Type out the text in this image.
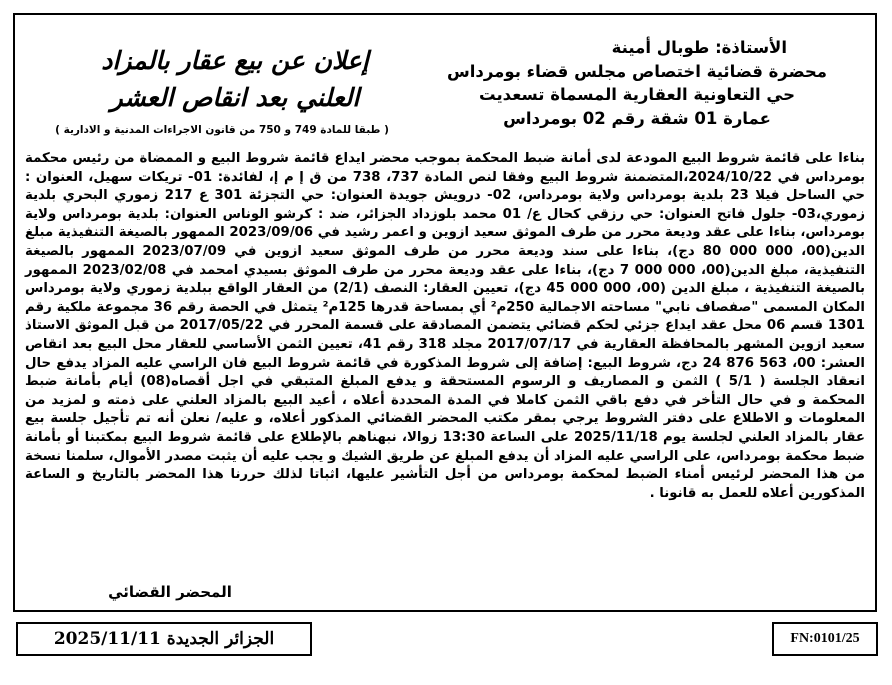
الأستاذة: طوبال أمينة
محضرة قضائية اختصاص مجلس قضاء بومرداس
حي التعاونية العقارية المسماة تسعديت
عمارة 01 شقة رقم 02 بومرداس
إعلان عن بيع عقار بالمزاد
العلني بعد انقاص العشر
( طبقا للمادة 749 و 750 من قانون الاجراءات المدنية و الادارية )
بناءا على قائمة شروط البيع المودعة لدى أمانة ضبط المحكمة بموجب محضر ايداع قائمة شروط البيع و الممضاة من رئيس محكمة بومرداس في 2024/10/22،المتضمنة شروط البيع وفقا لنص المادة 737، 738 من ق إ م إ، لفائدة: 01- تريكات سهيل، العنوان : حي الساحل فيلا 23 بلدية بومرداس ولاية بومرداس، 02- درويش جويدة العنوان: حي التجزئة 301 ع 217 زموري البحري بلدية زموري،03- جلول فاتح العنوان: حي رزقي كحال ع/ 01 محمد بلوزداد الجزائر، ضد : كرشو الوناس العنوان: بلدية بومرداس ولاية بومرداس، بناءا على عقد وديعة محرر من طرف الموثق سعيد ازوين و اعمر رشيد في 2023/09/06 الممهور بالصيغة التنفيذية مبلغ الدين(00، 000 000 80 دج)، بناءا على سند وديعة محرر من طرف الموثق سعيد ازوين في 2023/07/09 الممهور بالصيغة التنفيذية، مبلغ الدين(00، 000 000 7 دج)، بناءا على عقد وديعة محرر من طرف الموثق بسيدي امحمد في 2023/02/08 الممهور بالصيغة التنفيذية ، مبلغ الدين (00، 000 000 45 دج)، تعيين العقار: النصف (2/1) من العقار الواقع ببلدية زموري ولاية بومرداس المكان المسمى "صفصاف نابي" مساحته الاجمالية 250م² أي بمساحة قدرها 125م² يتمثل في الحصة رقم 36 مجموعة ملكية رقم 1301 قسم 06 محل عقد ايداع جزئي لحكم قضائي يتضمن المصادقة على قسمة المحرر في 2017/05/22 من قبل الموثق الاستاذ سعيد ازوين المشهر بالمحافظة العقارية في 2017/07/17 مجلد 318 رقم 41، تعيين الثمن الأساسي للعقار محل البيع بعد انقاص العشر: 00، 563 876 24 دج، شروط البيع: إضافة إلى شروط المذكورة في قائمة شروط البيع فان الراسي عليه المزاد يدفع حال انعقاد الجلسة ( 5/1 ) الثمن و المصاريف و الرسوم المستحقة و يدفع المبلغ المتبقي في اجل أقصاه(08) أيام بأمانة ضبط المحكمة و في حال التأخر في دفع باقي الثمن كاملا في المدة المحددة أعلاه ، أعيد البيع بالمزاد العلني على ذمته و لمزيد من المعلومات و الاطلاع على دفتر الشروط يرجي بمقر مكتب المحضر القضائي المذكور أعلاه، و عليه/ نعلن أنه تم تأجيل جلسة بيع عقار بالمزاد العلني لجلسة يوم 2025/11/18 على الساعة 13:30 زوالا، نبهناهم بالإطلاع على قائمة شروط البيع بمكتبنا أو بأمانة ضبط محكمة بومرداس، على الراسي عليه المزاد أن يدفع المبلغ عن طريق الشيك و يجب عليه أن يثبت مصدر الأموال، سلمنا نسخة من هذا المحضر لرئيس أمناء الضبط لمحكمة بومرداس من أجل التأشير عليها، اثباتا لذلك حررنا هذا المحضر بالتاريخ و الساعة المذكورين أعلاه للعمل به قانونا .
المحضر القضائي
الجزائر الجديدة 2025/11/11	FN:0101/25
